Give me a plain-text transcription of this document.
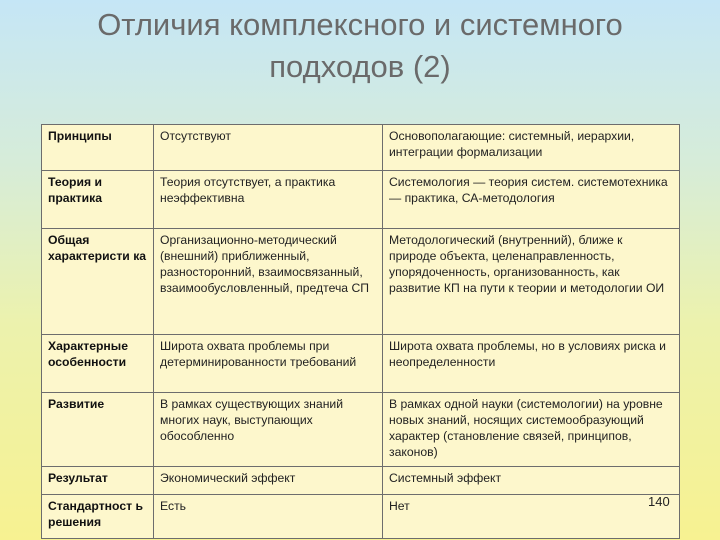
Отличия комплексного и системного
подходов (2)
Принципы	Отсутствуют	Основополагающие: системный, иерархии, интеграции формализации
Теория и практика	Теория отсутствует, а практика неэффективна	Системология — теория систем. системотехника — практика, СА-методология
Общая характеристи ка	Организационно-методический (внешний) приближенный, разносторонний, взаимосвязанный, взаимообусловленный, предтеча СП	Методологический (внутренний), ближе к природе объекта, целенаправленность, упорядоченность, организованность, как развитие КП на пути к теории и методологии ОИ
Характерные особенности	Широта охвата проблемы при детерминированности требований	Широта охвата проблемы, но в условиях риска и неопределенности
Развитие	В рамках существующих знаний многих наук, выступающих обособленно	В рамках одной науки (системологии) на уровне новых знаний, носящих системообразующий характер (становление связей, принципов, законов)
Результат	Экономический эффект	Системный эффект
Стандартност ь решения	Есть	Нет	140
